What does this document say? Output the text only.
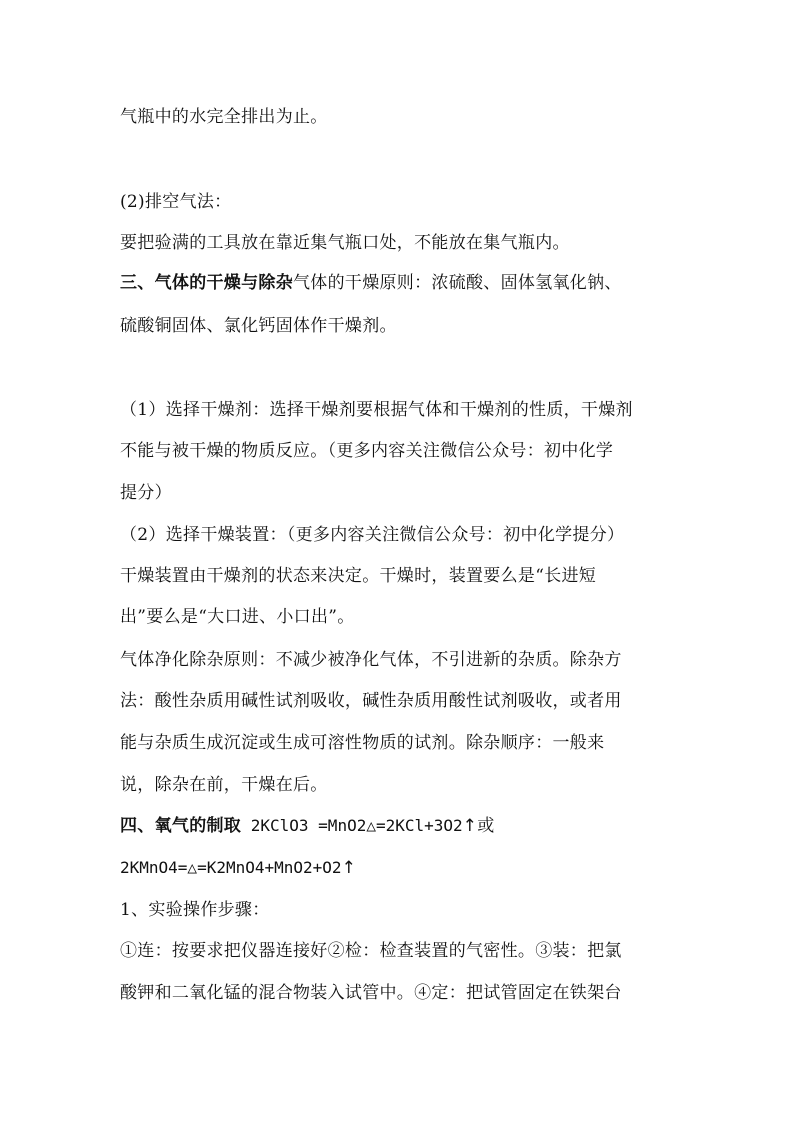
气瓶中的水完全排出为止。
(2)排空气法：
要把验满的工具放在靠近集气瓶口处，不能放在集气瓶内。
三、气体的干燥与除杂气体的干燥原则：浓硫酸、固体氢氧化钠、
硫酸铜固体、氯化钙固体作干燥剂。
（1）选择干燥剂：选择干燥剂要根据气体和干燥剂的性质，干燥剂
不能与被干燥的物质反应。（更多内容关注微信公众号：初中化学
提分）
（2）选择干燥装置：（更多内容关注微信公众号：初中化学提分）
干燥装置由干燥剂的状态来决定。干燥时，装置要么是“长进短
出”要么是“大口进、小口出”。
气体净化除杂原则：不减少被净化气体，不引进新的杂质。除杂方
法：酸性杂质用碱性试剂吸收，碱性杂质用酸性试剂吸收，或者用
能与杂质生成沉淀或生成可溶性物质的试剂。除杂顺序：一般来
说，除杂在前，干燥在后。
四、氧气的制取 2KClO3 =MnO2△=2KCl+3O2↑或
2KMnO4=△=K2MnO4+MnO2+O2↑
1、实验操作步骤：
①连：按要求把仪器连接好②检：检查装置的气密性。③装：把氯
酸钾和二氧化锰的混合物装入试管中。④定：把试管固定在铁架台
